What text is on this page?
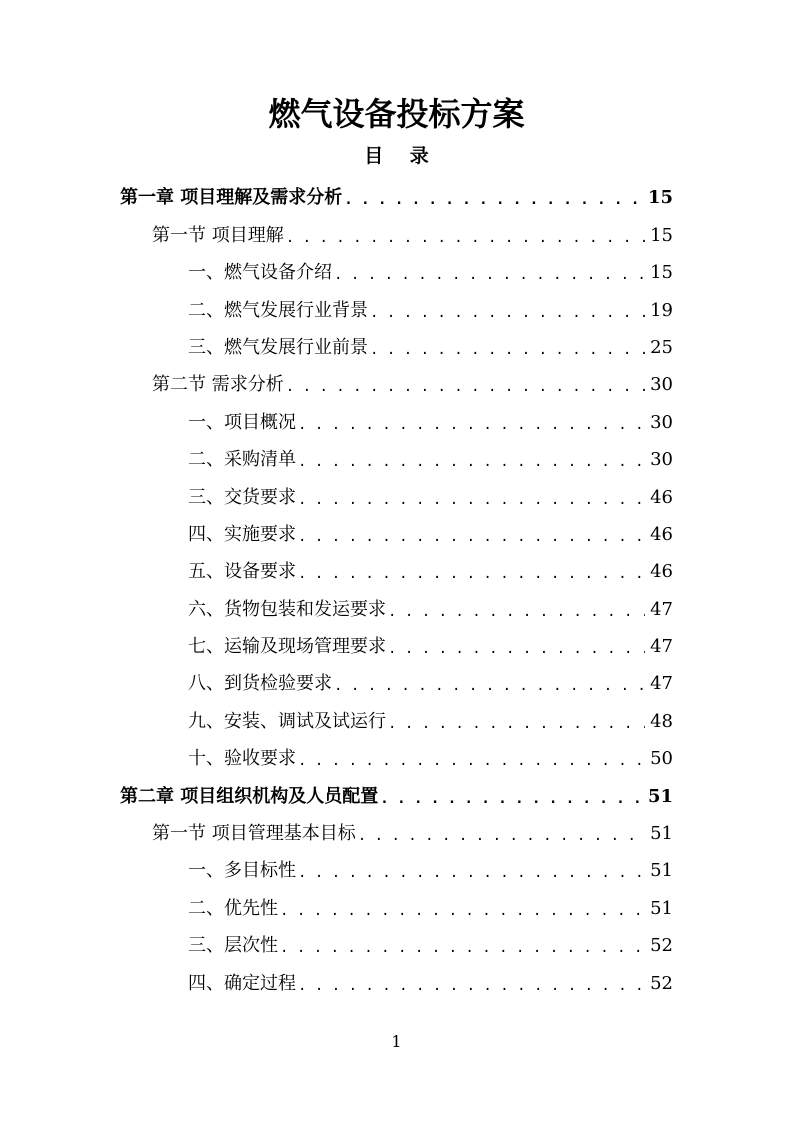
燃气设备投标方案
目 录
第一章 项目理解及需求分析 . . .	15
第一节 项目理解 . . .	15
一、燃气设备介绍 . . .	15
二、燃气发展行业背景 . . .	19
三、燃气发展行业前景 . . .	25
第二节 需求分析 . . .	30
一、项目概况 . . .	30
二、采购清单 . . .	30
三、交货要求 . . .	46
四、实施要求 . . .	46
五、设备要求 . . .	46
六、货物包装和发运要求 . . .	47
七、运输及现场管理要求 . . .	47
八、到货检验要求 . . .	47
九、安装、调试及试运行 . . .	48
十、验收要求 . . .	50
第二章 项目组织机构及人员配置 . . .	51
第一节 项目管理基本目标 . . .	51
一、多目标性 . . .	51
二、优先性 . . .	51
三、层次性 . . .	52
四、确定过程 . . .	52
1
